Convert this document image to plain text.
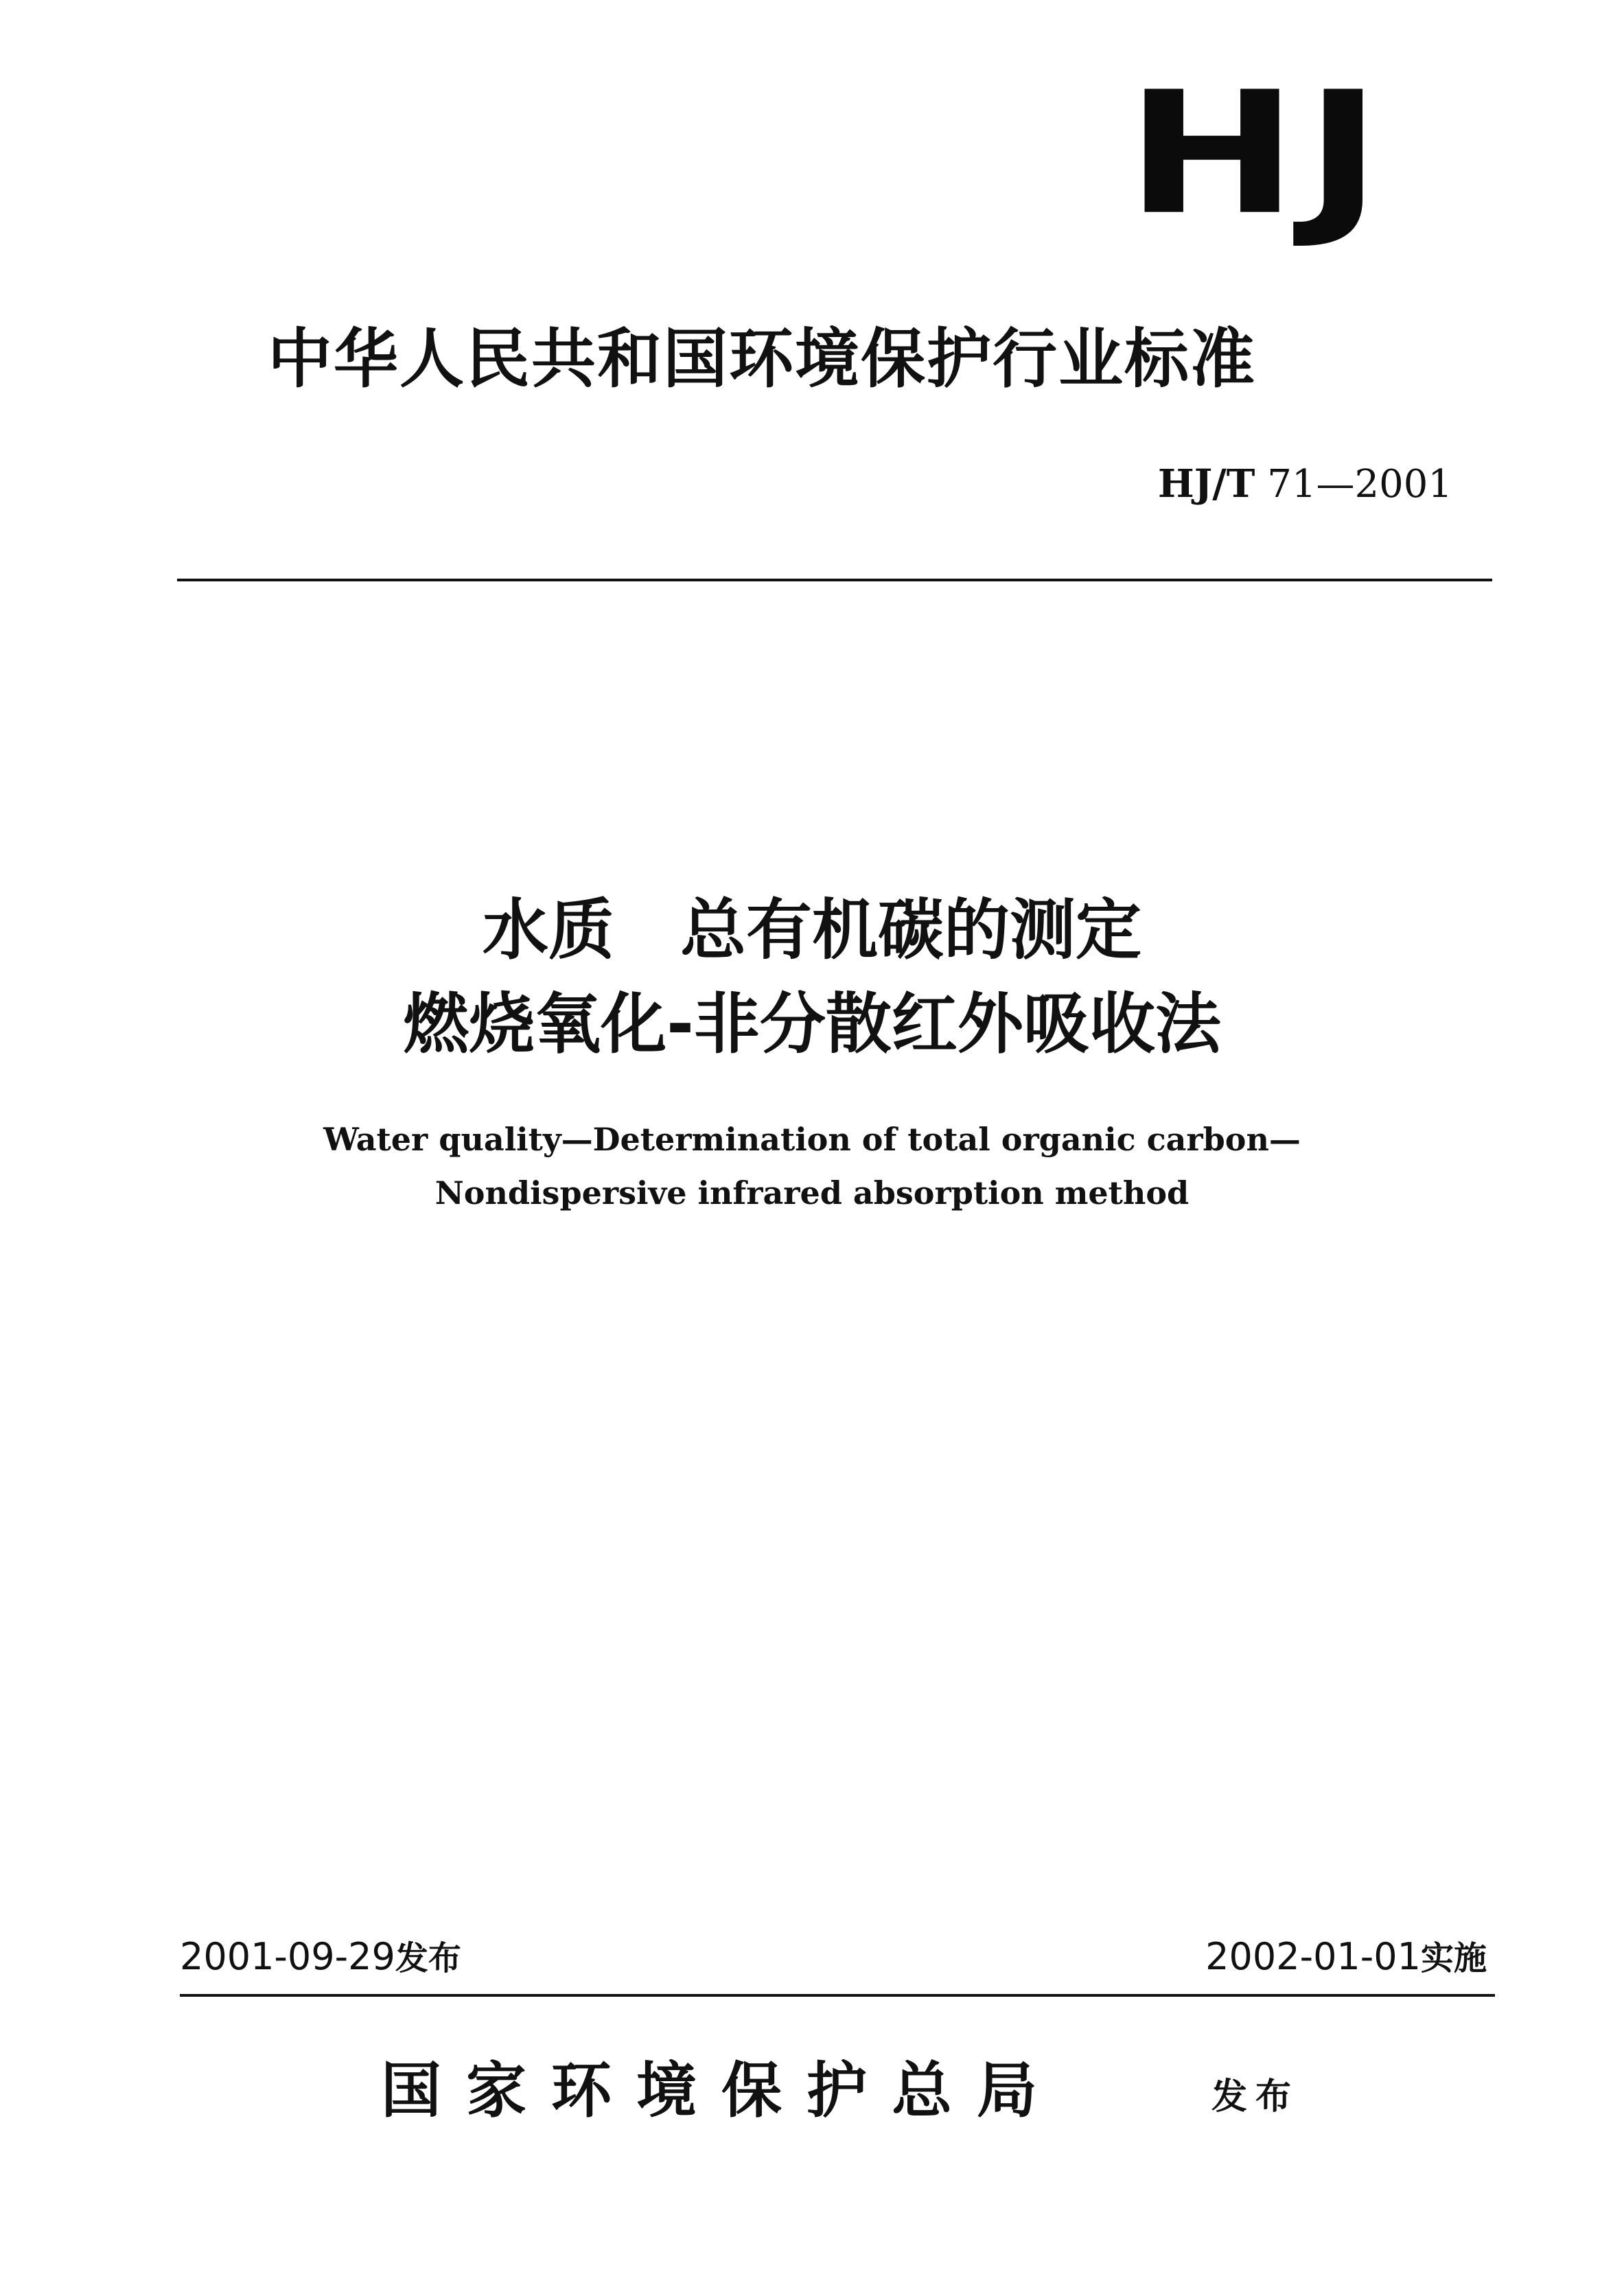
HJ
中华人民共和国环境保护行业标准
HJ/T 71—2001
水质　总有机碳的测定
燃烧氧化-非分散红外吸收法
Water quality—Determination of total organic carbon—
Nondispersive infrared absorption method
2001-09-29发布	2002-01-01实施
国家环境保护总局	发布
